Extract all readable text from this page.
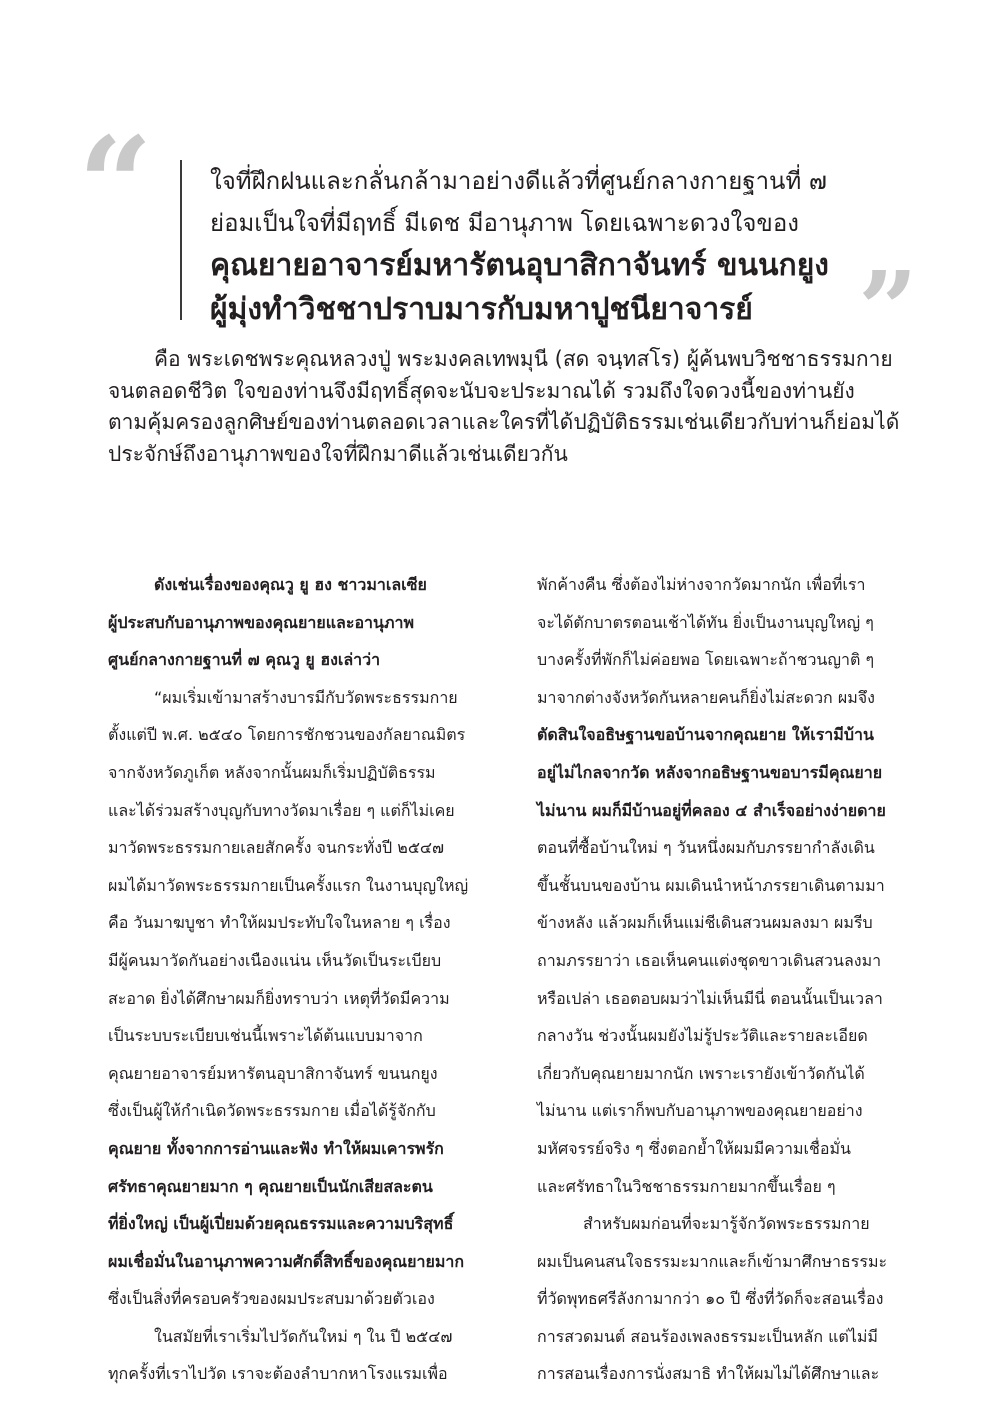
“ ใจที่ฝึกฝนและกลั่นกล้ามาอย่างดีแล้วที่ศูนย์กลางกายฐานที่ ๗

ย่อมเป็นใจที่มีฤทธิ์ มีเดช มีอานุภาพ โดยเฉพาะดวงใจของ

คุณยายอาจารย์มหารัตนอุบาสิกาจันทร์ ขนนกยูง

ผู้มุ่งทำวิชชาปราบมารกับมหาปูชนียาจารย์	”

คือ พระเดชพระคุณหลวงปู่ พระมงคลเทพมุนี (สด จนฺทสโร) ผู้ค้นพบวิชชาธรรมกาย
จนตลอดชีวิต ใจของท่านจึงมีฤทธิ์สุดจะนับจะประมาณได้ รวมถึงใจดวงนี้ของท่านยัง
ตามคุ้มครองลูกศิษย์ของท่านตลอดเวลาและใครที่ได้ปฏิบัติธรรมเช่นเดียวกับท่านก็ย่อมได้
ประจักษ์ถึงอานุภาพของใจที่ฝึกมาดีแล้วเช่นเดียวกัน

ดังเช่นเรื่องของคุณวู ยู ฮง ชาวมาเลเซีย
ผู้ประสบกับอานุภาพของคุณยายและอานุภาพ
ศูนย์กลางกายฐานที่ ๗ คุณวู ยู ฮงเล่าว่า
“ผมเริ่มเข้ามาสร้างบารมีกับวัดพระธรรมกาย
ตั้งแต่ปี พ.ศ. ๒๕๔๐ โดยการชักชวนของกัลยาณมิตร
จากจังหวัดภูเก็ต หลังจากนั้นผมก็เริ่มปฏิบัติธรรม
และได้ร่วมสร้างบุญกับทางวัดมาเรื่อย ๆ แต่ก็ไม่เคย
มาวัดพระธรรมกายเลยสักครั้ง จนกระทั่งปี ๒๕๔๗
ผมได้มาวัดพระธรรมกายเป็นครั้งแรก ในงานบุญใหญ่
คือ วันมาฆบูชา ทำให้ผมประทับใจในหลาย ๆ เรื่อง
มีผู้คนมาวัดกันอย่างเนืองแน่น เห็นวัดเป็นระเบียบ
สะอาด ยิ่งได้ศึกษาผมก็ยิ่งทราบว่า เหตุที่วัดมีความ
เป็นระบบระเบียบเช่นนี้เพราะได้ต้นแบบมาจาก
คุณยายอาจารย์มหารัตนอุบาสิกาจันทร์ ขนนกยูง
ซึ่งเป็นผู้ให้กำเนิดวัดพระธรรมกาย เมื่อได้รู้จักกับ
คุณยาย ทั้งจากการอ่านและฟัง ทำให้ผมเคารพรัก
ศรัทธาคุณยายมาก ๆ คุณยายเป็นนักเสียสละตน
ที่ยิ่งใหญ่ เป็นผู้เปี่ยมด้วยคุณธรรมและความบริสุทธิ์
ผมเชื่อมั่นในอานุภาพความศักดิ์สิทธิ์ของคุณยายมาก
ซึ่งเป็นสิ่งที่ครอบครัวของผมประสบมาด้วยตัวเอง
ในสมัยที่เราเริ่มไปวัดกันใหม่ ๆ ใน ปี ๒๕๔๗
ทุกครั้งที่เราไปวัด เราจะต้องลำบากหาโรงแรมเพื่อ
พักค้างคืน ซึ่งต้องไม่ห่างจากวัดมากนัก เพื่อที่เรา
จะได้ตักบาตรตอนเช้าได้ทัน ยิ่งเป็นงานบุญใหญ่ ๆ
บางครั้งที่พักก็ไม่ค่อยพอ โดยเฉพาะถ้าชวนญาติ ๆ
มาจากต่างจังหวัดกันหลายคนก็ยิ่งไม่สะดวก ผมจึง
ตัดสินใจอธิษฐานขอบ้านจากคุณยาย ให้เรามีบ้าน
อยู่ไม่ไกลจากวัด หลังจากอธิษฐานขอบารมีคุณยาย
ไม่นาน ผมก็มีบ้านอยู่ที่คลอง ๔ สำเร็จอย่างง่ายดาย
ตอนที่ซื้อบ้านใหม่ ๆ วันหนึ่งผมกับภรรยากำลังเดิน
ขึ้นชั้นบนของบ้าน ผมเดินนำหน้าภรรยาเดินตามมา
ข้างหลัง แล้วผมก็เห็นแม่ชีเดินสวนผมลงมา ผมรีบ
ถามภรรยาว่า เธอเห็นคนแต่งชุดขาวเดินสวนลงมา
หรือเปล่า เธอตอบผมว่าไม่เห็นมีนี่ ตอนนั้นเป็นเวลา
กลางวัน ช่วงนั้นผมยังไม่รู้ประวัติและรายละเอียด
เกี่ยวกับคุณยายมากนัก เพราะเรายังเข้าวัดกันได้
ไม่นาน แต่เราก็พบกับอานุภาพของคุณยายอย่าง
มหัศจรรย์จริง ๆ ซึ่งตอกย้ำให้ผมมีความเชื่อมั่น
และศรัทธาในวิชชาธรรมกายมากขึ้นเรื่อย ๆ
สำหรับผมก่อนที่จะมารู้จักวัดพระธรรมกาย
ผมเป็นคนสนใจธรรมะมากและก็เข้ามาศึกษาธรรมะ
ที่วัดพุทธศรีลังกามากว่า ๑๐ ปี ซึ่งที่วัดก็จะสอนเรื่อง
การสวดมนต์ สอนร้องเพลงธรรมะเป็นหลัก แต่ไม่มี
การสอนเรื่องการนั่งสมาธิ ทำให้ผมไม่ได้ศึกษาและ
